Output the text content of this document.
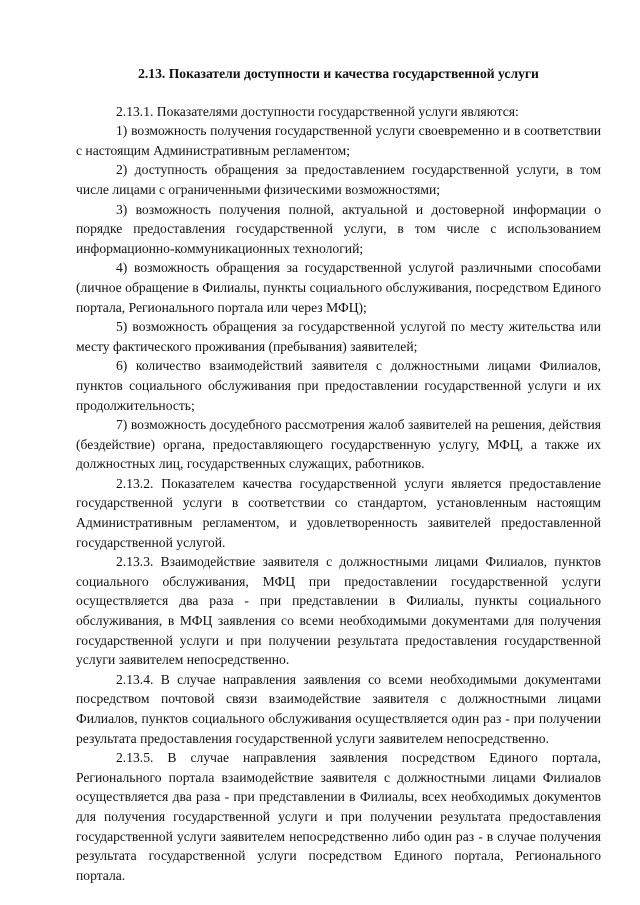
2.13. Показатели доступности и качества государственной услуги

2.13.1. Показателями доступности государственной услуги являются:

1) возможность получения государственной услуги своевременно и в соответствии с настоящим Административным регламентом;

2) доступность обращения за предоставлением государственной услуги, в том числе лицами с ограниченными физическими возможностями;

3) возможность получения полной, актуальной и достоверной информации о порядке предоставления государственной услуги, в том числе с использованием информационно-коммуникационных технологий;

4) возможность обращения за государственной услугой различными способами (личное обращение в Филиалы, пункты социального обслуживания, посредством Единого портала, Регионального портала или через МФЦ);

5) возможность обращения за государственной услугой по месту жительства или месту фактического проживания (пребывания) заявителей;

6) количество взаимодействий заявителя с должностными лицами Филиалов, пунктов социального обслуживания при предоставлении государственной услуги и их продолжительность;

7) возможность досудебного рассмотрения жалоб заявителей на решения, действия (бездействие) органа, предоставляющего государственную услугу, МФЦ, а также их должностных лиц, государственных служащих, работников.

2.13.2. Показателем качества государственной услуги является предоставление государственной услуги в соответствии со стандартом, установленным настоящим Административным регламентом, и удовлетворенность заявителей предоставленной государственной услугой.

2.13.3. Взаимодействие заявителя с должностными лицами Филиалов, пунктов социального обслуживания, МФЦ при предоставлении государственной услуги осуществляется два раза - при представлении в Филиалы, пункты социального обслуживания, в МФЦ заявления со всеми необходимыми документами для получения государственной услуги и при получении результата предоставления государственной услуги заявителем непосредственно.

2.13.4. В случае направления заявления со всеми необходимыми документами посредством почтовой связи взаимодействие заявителя с должностными лицами Филиалов, пунктов социального обслуживания осуществляется один раз - при получении результата предоставления государственной услуги заявителем непосредственно.

2.13.5. В случае направления заявления посредством Единого портала, Регионального портала взаимодействие заявителя с должностными лицами Филиалов осуществляется два раза - при представлении в Филиалы, всех необходимых документов для получения государственной услуги и при получении результата предоставления государственной услуги заявителем непосредственно либо один раз - в случае получения результата государственной услуги посредством Единого портала, Регионального портала.
